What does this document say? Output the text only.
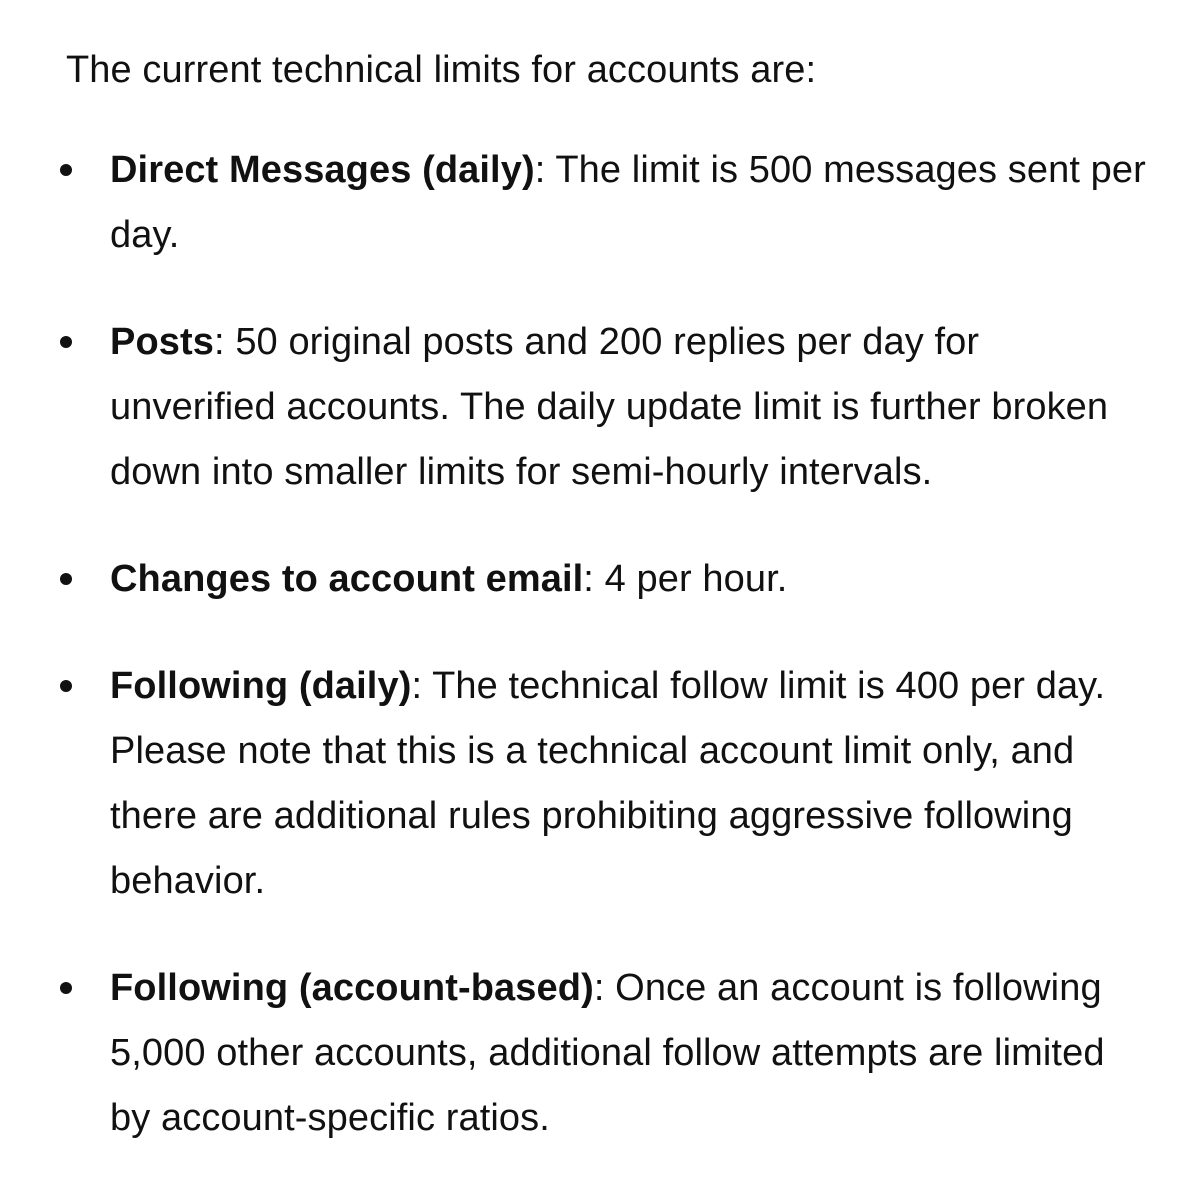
The current technical limits for accounts are:

Direct Messages (daily): The limit is 500 messages sent per day.
Posts: 50 original posts and 200 replies per day for unverified accounts. The daily update limit is further broken down into smaller limits for semi-hourly intervals.
Changes to account email: 4 per hour.
Following (daily): The technical follow limit is 400 per day. Please note that this is a technical account limit only, and there are additional rules prohibiting aggressive following behavior.
Following (account-based): Once an account is following 5,000 other accounts, additional follow attempts are limited by account-specific ratios.
